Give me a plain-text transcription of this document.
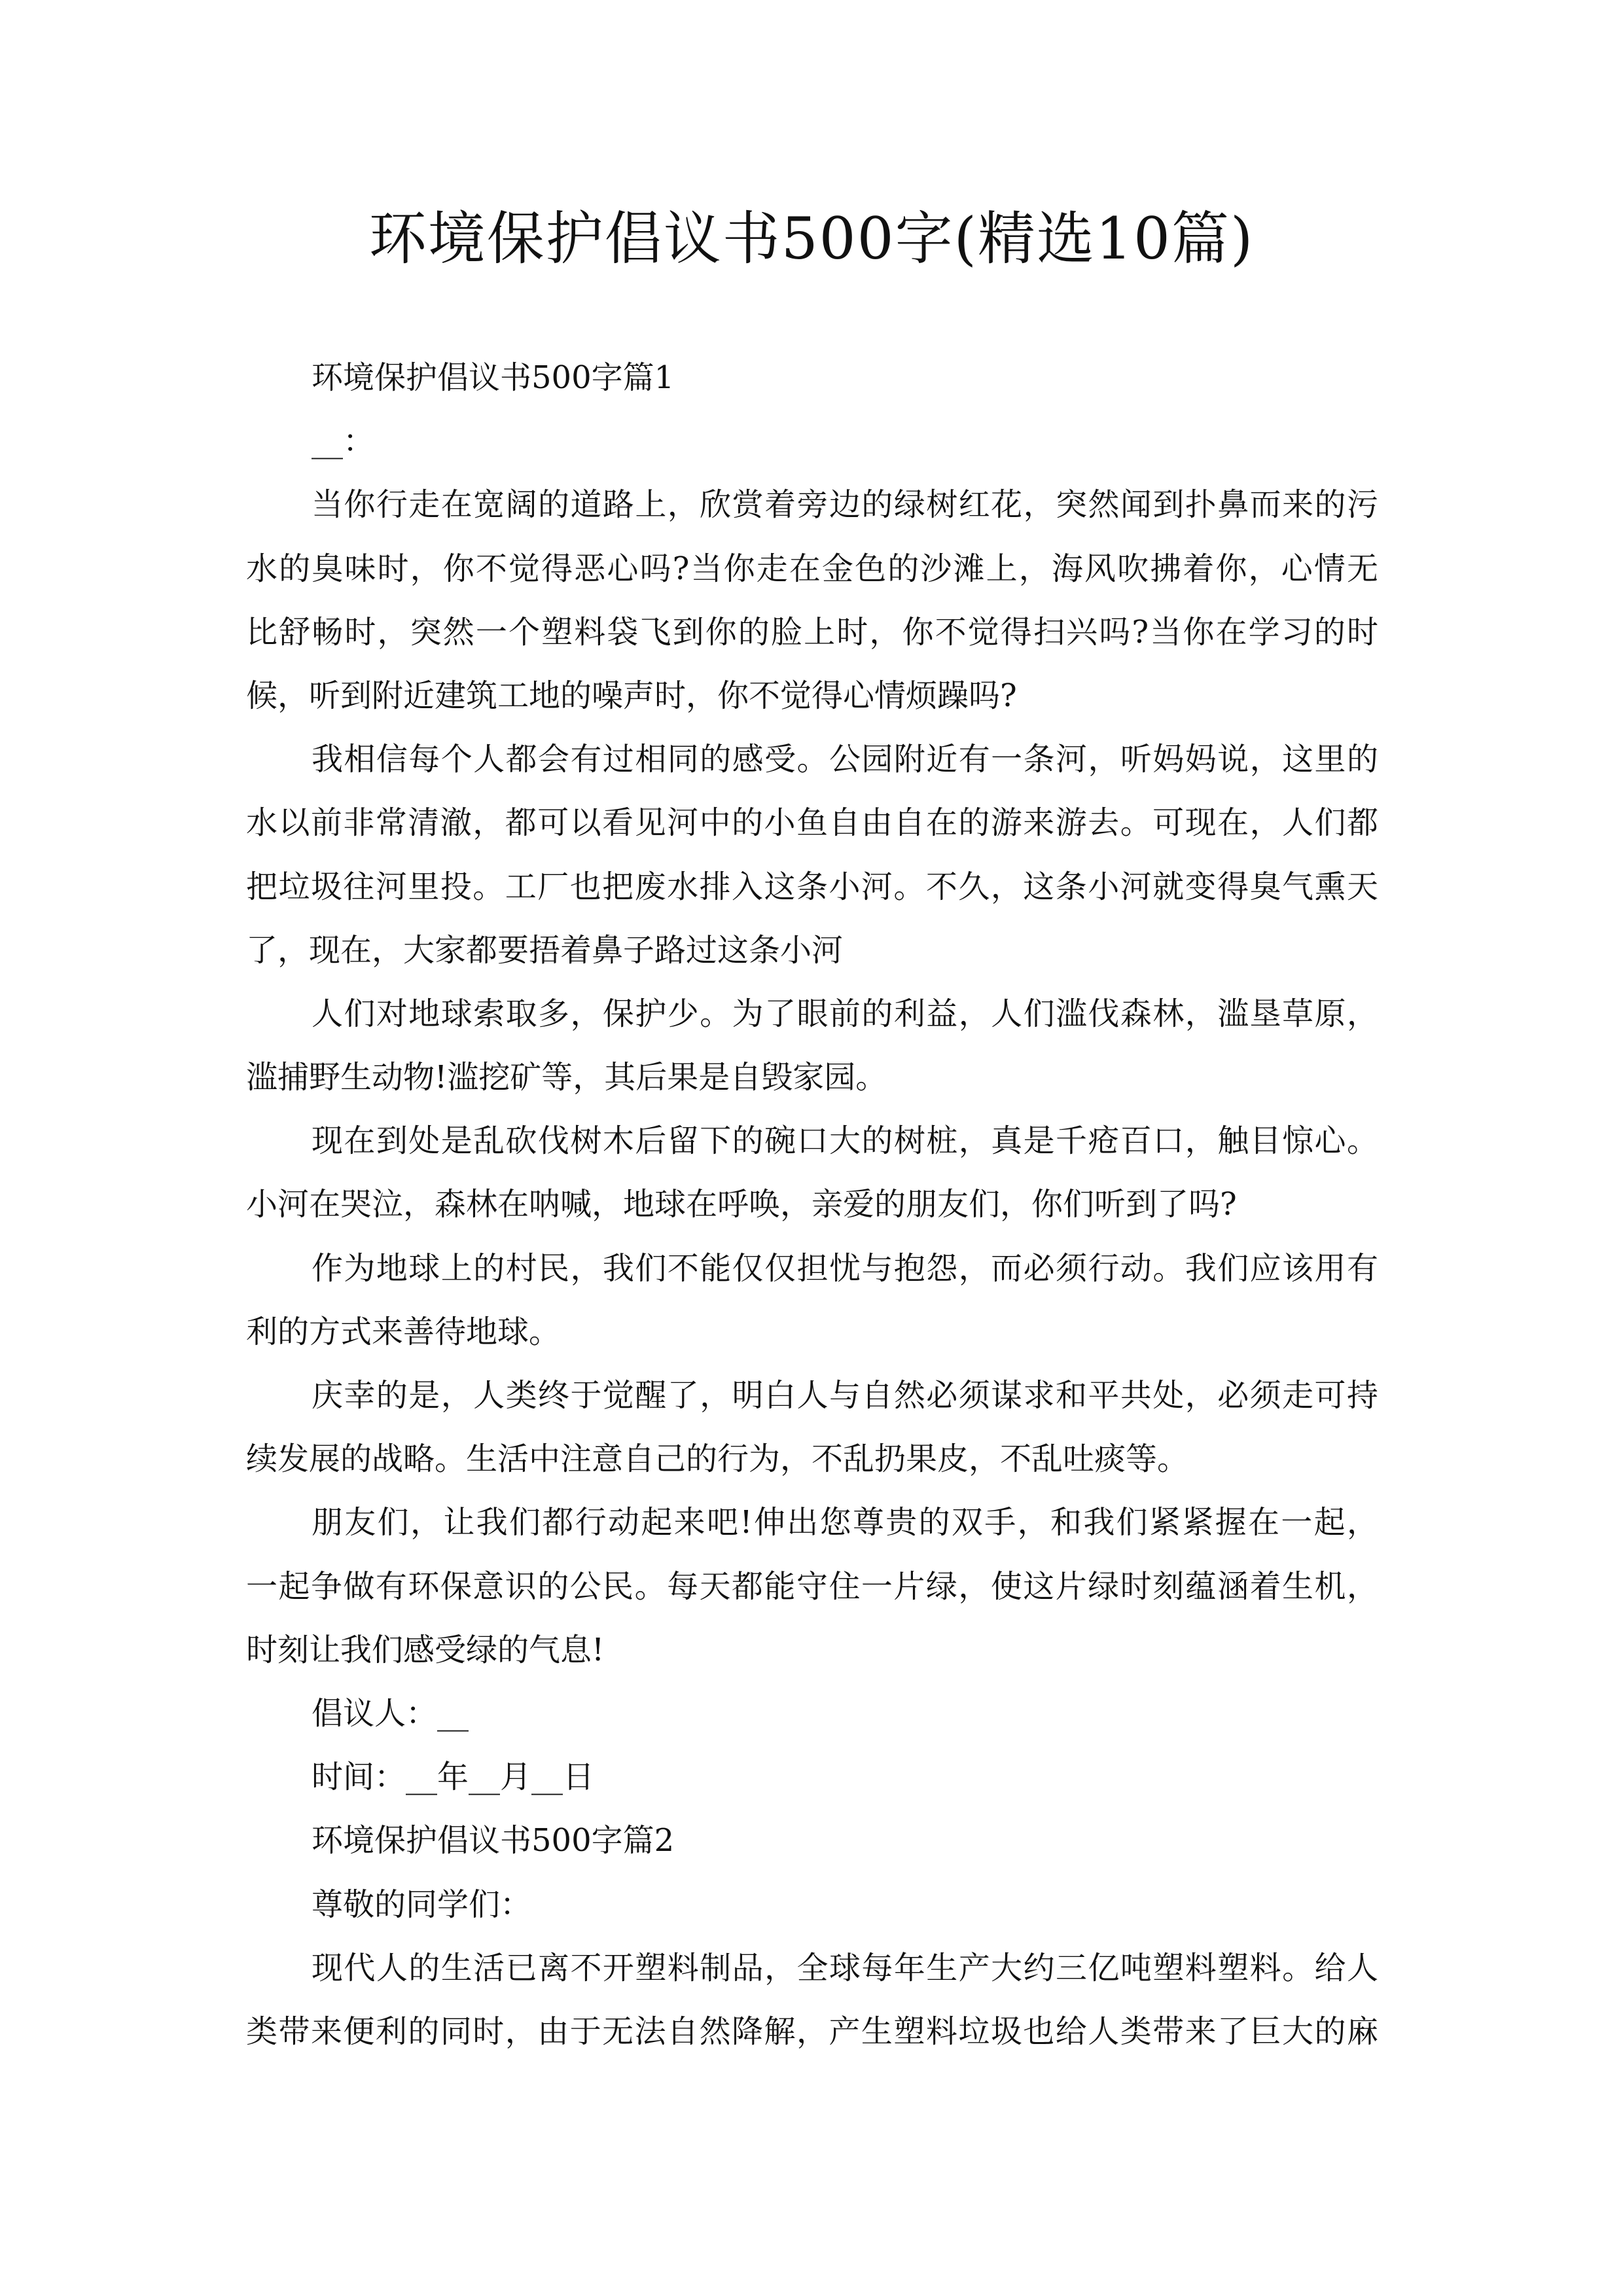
环境保护倡议书500字(精选10篇)
环境保护倡议书500字篇1
__：
当你行走在宽阔的道路上，欣赏着旁边的绿树红花，突然闻到扑鼻而来的污
水的臭味时，你不觉得恶心吗?当你走在金色的沙滩上，海风吹拂着你，心情无
比舒畅时，突然一个塑料袋飞到你的脸上时，你不觉得扫兴吗?当你在学习的时
候，听到附近建筑工地的噪声时，你不觉得心情烦躁吗?
我相信每个人都会有过相同的感受。公园附近有一条河，听妈妈说，这里的
水以前非常清澈，都可以看见河中的小鱼自由自在的游来游去。可现在，人们都
把垃圾往河里投。工厂也把废水排入这条小河。不久，这条小河就变得臭气熏天
了，现在，大家都要捂着鼻子路过这条小河
人们对地球索取多，保护少。为了眼前的利益，人们滥伐森林，滥垦草原，
滥捕野生动物!滥挖矿等，其后果是自毁家园。
现在到处是乱砍伐树木后留下的碗口大的树桩，真是千疮百口，触目惊心。
小河在哭泣，森林在呐喊，地球在呼唤，亲爱的朋友们，你们听到了吗?
作为地球上的村民，我们不能仅仅担忧与抱怨，而必须行动。我们应该用有
利的方式来善待地球。
庆幸的是，人类终于觉醒了，明白人与自然必须谋求和平共处，必须走可持
续发展的战略。生活中注意自己的行为，不乱扔果皮，不乱吐痰等。
朋友们，让我们都行动起来吧!伸出您尊贵的双手，和我们紧紧握在一起，
一起争做有环保意识的公民。每天都能守住一片绿，使这片绿时刻蕴涵着生机，
时刻让我们感受绿的气息!
倡议人：__
时间：__年__月__日
环境保护倡议书500字篇2
尊敬的同学们：
现代人的生活已离不开塑料制品，全球每年生产大约三亿吨塑料塑料。给人
类带来便利的同时，由于无法自然降解，产生塑料垃圾也给人类带来了巨大的麻
